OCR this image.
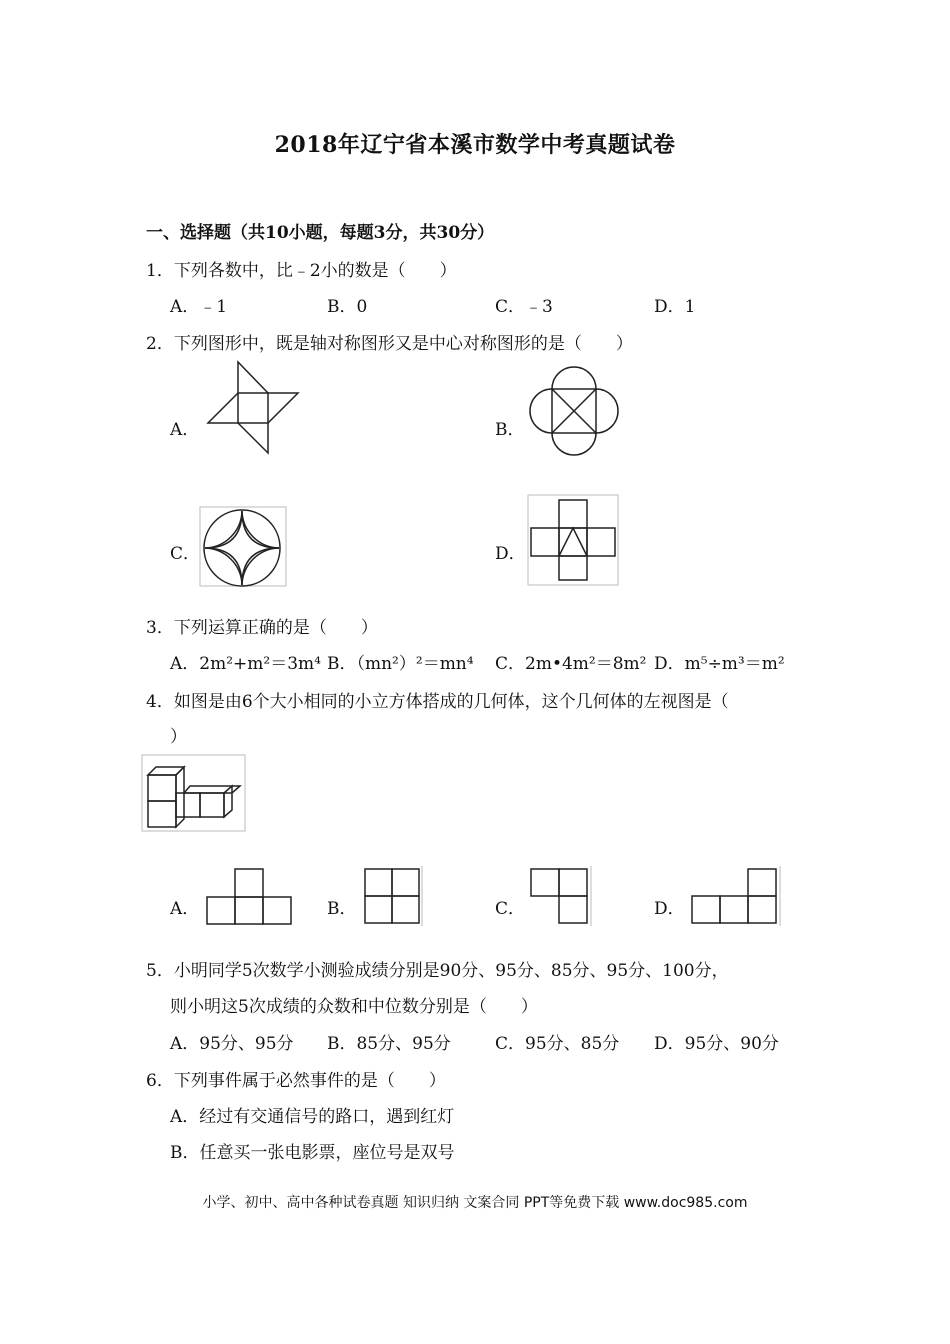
2018年辽宁省本溪市数学中考真题试卷
一、选择题（共10小题，每题3分，共30分）
1．下列各数中，比﹣2小的数是（　　）
A．﹣1	B．0	C．﹣3	D．1
2．下列图形中，既是轴对称图形又是中心对称图形的是（　　）
A．	B．
C．	D．
3．下列运算正确的是（　　）
A．2m²+m²＝3m⁴ B．（mn²）²＝mn⁴ C．2m•4m²＝8m² D．m⁵÷m³＝m²
4．如图是由6个大小相同的小立方体搭成的几何体，这个几何体的左视图是（
）
A．	B．	C．	D．
5．小明同学5次数学小测验成绩分别是90分、95分、85分、95分、100分，
则小明这5次成绩的众数和中位数分别是（　　）
A．95分、95分 B．85分、95分	C．95分、85分 D．95分、90分
6．下列事件属于必然事件的是（　　）
A．经过有交通信号的路口，遇到红灯
B．任意买一张电影票，座位号是双号
小学、初中、高中各种试卷真题 知识归纳 文案合同 PPT等免费下载 www.doc985.com
